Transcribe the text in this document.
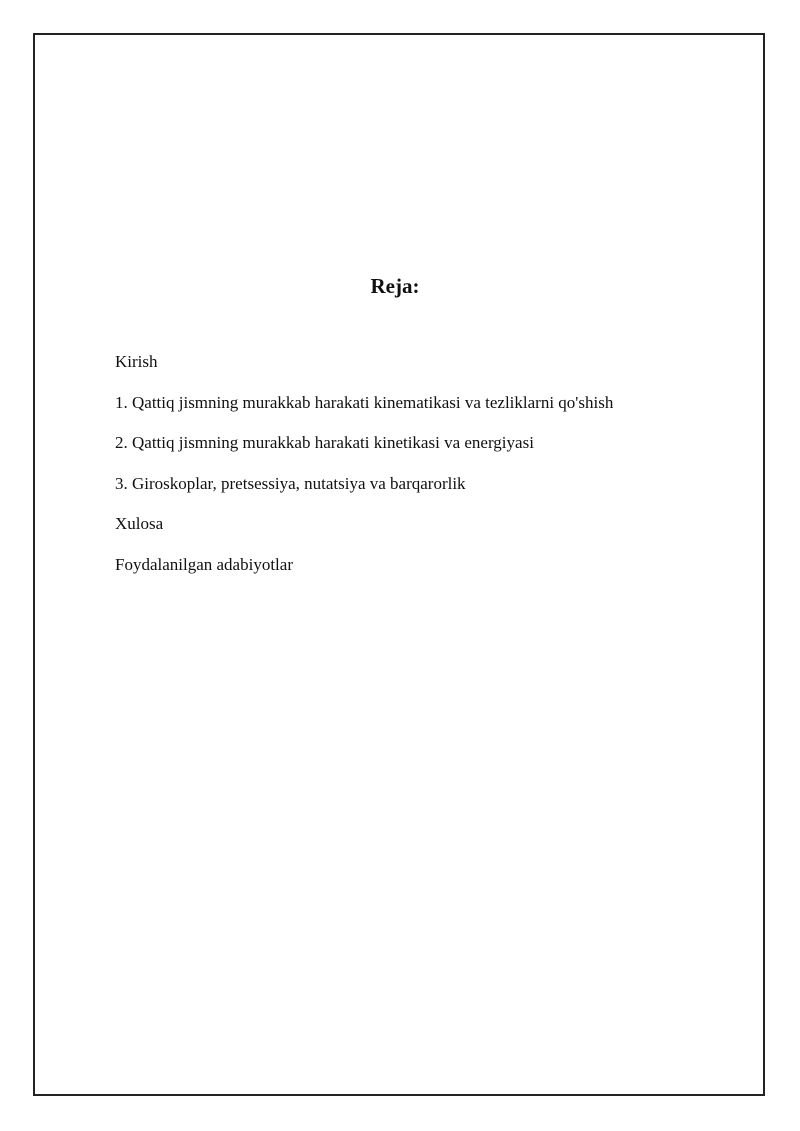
Reja:
Kirish
1. Qattiq jismning murakkab harakati kinematikasi va tezliklarni qo'shish
2. Qattiq jismning murakkab harakati kinetikasi va energiyasi
3. Giroskoplar, pretsessiya, nutatsiya va barqarorlik
Xulosa
Foydalanilgan adabiyotlar
